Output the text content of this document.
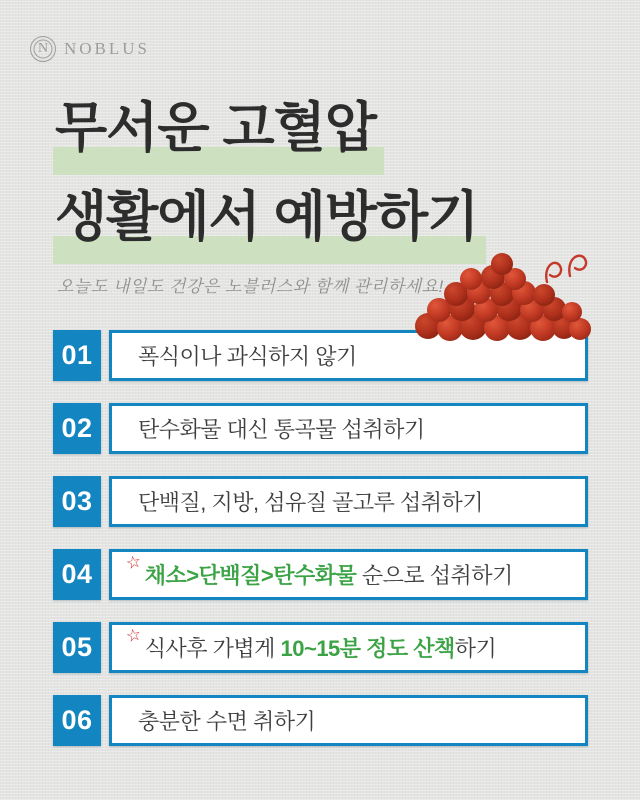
N NOBLUS
무서운 고혈압
생활에서 예방하기
오늘도 내일도 건강은 노블러스와 함께 관리하세요!
01	폭식이나 과식하지 않기
02	탄수화물 대신 통곡물 섭취하기
03	단백질, 지방, 섬유질 골고루 섭취하기
04	☆
채소>단백질>탄수화물 순으로 섭취하기
05	☆
식사후 가볍게 10~15분 정도 산책 하기
06	충분한 수면 취하기
